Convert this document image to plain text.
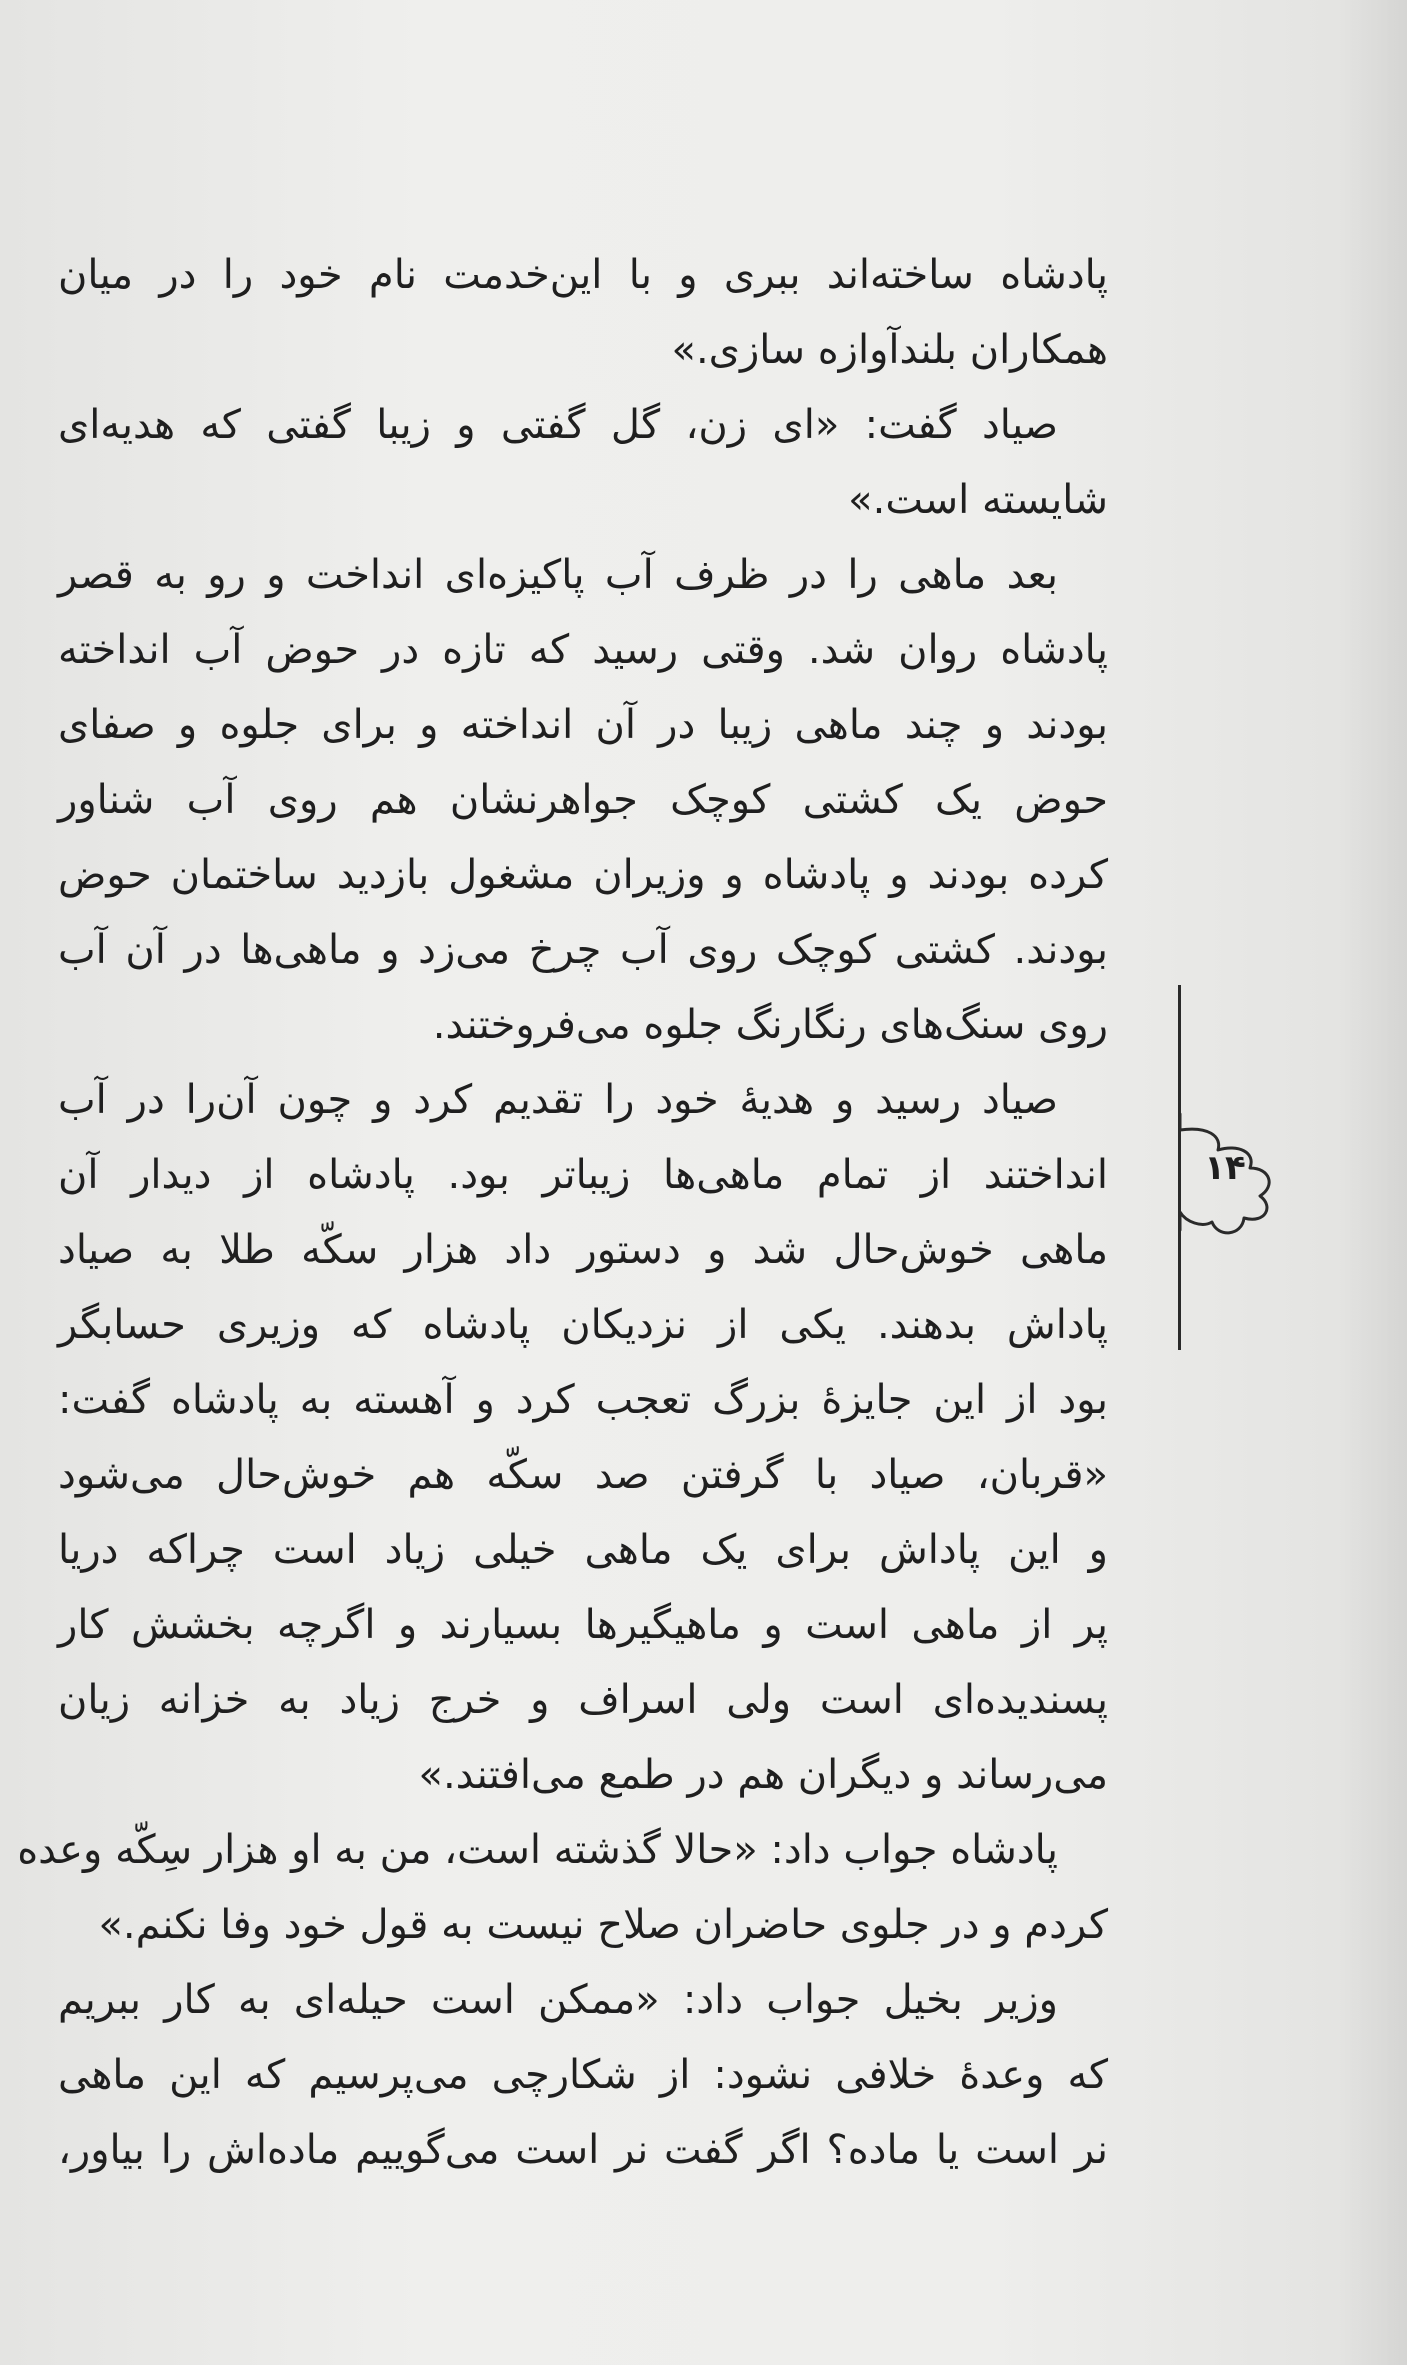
پادشاه ساخته‌اند ببری و با این‌خدمت نام خود را در میان
همکاران بلندآوازه سازی.»
صیاد گفت: «ای زن، گل گفتی و زیبا گفتی که هدیه‌ای
شایسته است.»
بعد ماهی را در ظرف آب پاکیزه‌ای انداخت و رو به قصر
پادشاه روان شد. وقتی رسید که تازه در حوض آب انداخته
بودند و چند ماهی زیبا در آن انداخته و برای جلوه و صفای
حوض یک کشتی کوچک جواهرنشان هم روی آب شناور
کرده بودند و پادشاه و وزیران مشغول بازدید ساختمان حوض
بودند. کشتی کوچک روی آب چرخ می‌زد و ماهی‌ها در آن آب
روی سنگ‌های رنگارنگ جلوه می‌فروختند.
صیاد رسید و هدیهٔ خود را تقدیم کرد و چون آن‌را در آب
انداختند از تمام ماهی‌ها زیباتر بود. پادشاه از دیدار آن
ماهی خوش‌حال شد و دستور داد هزار سکّه طلا به صیاد
پاداش بدهند. یکی از نزدیکان پادشاه که وزیری حسابگر
بود از این جایزهٔ بزرگ تعجب کرد و آهسته به پادشاه گفت:
«قربان، صیاد با گرفتن صد سکّه هم خوش‌حال می‌شود
و این پاداش برای یک ماهی خیلی زیاد است چراکه دریا
پر از ماهی است و ماهیگیرها بسیارند و اگرچه بخشش کار
پسندیده‌ای است ولی اسراف و خرج زیاد به خزانه زیان
می‌رساند و دیگران هم در طمع می‌افتند.»
پادشاه جواب داد: «حالا گذشته است، من به او هزار سِکّه وعده
کردم و در جلوی حاضران صلاح نیست به قول خود وفا نکنم.»
وزیر بخیل جواب داد: «ممکن است حیله‌ای به کار ببریم
که وعدهٔ خلافی نشود: از شکارچی می‌پرسیم که این ماهی
نر است یا ماده؟ اگر گفت نر است می‌گوییم ماده‌اش را بیاور،
۱۴
